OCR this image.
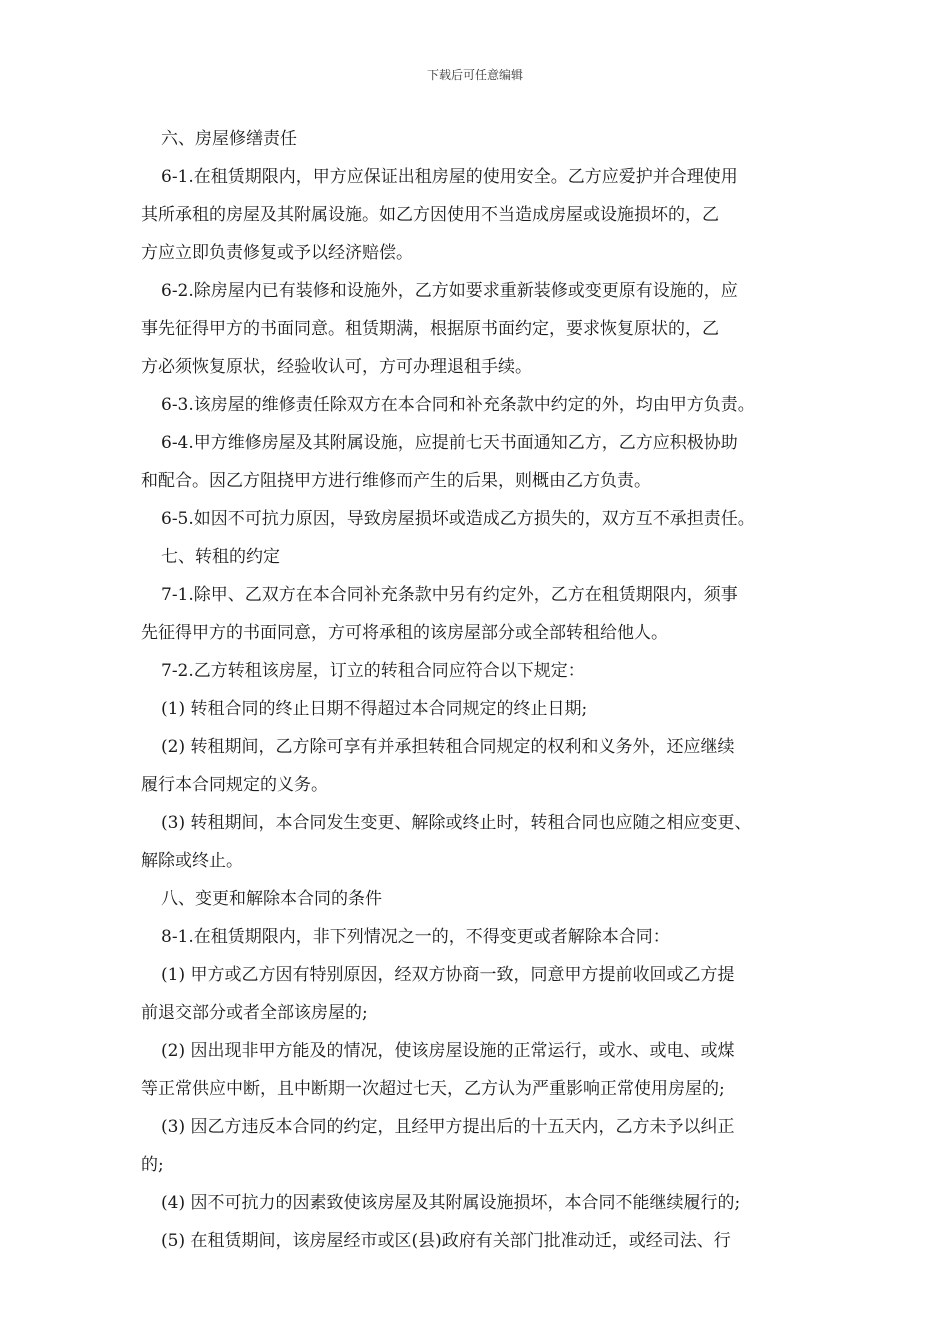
下载后可任意编辑
六、房屋修缮责任
6-1.在租赁期限内，甲方应保证出租房屋的使用安全。乙方应爱护并合理使用
其所承租的房屋及其附属设施。如乙方因使用不当造成房屋或设施损坏的，乙
方应立即负责修复或予以经济赔偿。
6-2.除房屋内已有装修和设施外，乙方如要求重新装修或变更原有设施的，应
事先征得甲方的书面同意。租赁期满，根据原书面约定，要求恢复原状的，乙
方必须恢复原状，经验收认可，方可办理退租手续。
6-3.该房屋的维修责任除双方在本合同和补充条款中约定的外，均由甲方负责。
6-4.甲方维修房屋及其附属设施，应提前七天书面通知乙方，乙方应积极协助
和配合。因乙方阻挠甲方进行维修而产生的后果，则概由乙方负责。
6-5.如因不可抗力原因，导致房屋损坏或造成乙方损失的，双方互不承担责任。
七、转租的约定
7-1.除甲、乙双方在本合同补充条款中另有约定外，乙方在租赁期限内，须事
先征得甲方的书面同意，方可将承租的该房屋部分或全部转租给他人。
7-2.乙方转租该房屋，订立的转租合同应符合以下规定：
(1) 转租合同的终止日期不得超过本合同规定的终止日期;
(2) 转租期间，乙方除可享有并承担转租合同规定的权利和义务外，还应继续
履行本合同规定的义务。
(3) 转租期间，本合同发生变更、解除或终止时，转租合同也应随之相应变更、
解除或终止。
八、变更和解除本合同的条件
8-1.在租赁期限内，非下列情况之一的，不得变更或者解除本合同：
(1) 甲方或乙方因有特别原因，经双方协商一致，同意甲方提前收回或乙方提
前退交部分或者全部该房屋的;
(2) 因出现非甲方能及的情况，使该房屋设施的正常运行，或水、或电、或煤
等正常供应中断，且中断期一次超过七天，乙方认为严重影响正常使用房屋的;
(3) 因乙方违反本合同的约定，且经甲方提出后的十五天内，乙方未予以纠正
的;
(4) 因不可抗力的因素致使该房屋及其附属设施损坏，本合同不能继续履行的;
(5) 在租赁期间，该房屋经市或区(县)政府有关部门批准动迁，或经司法、行
